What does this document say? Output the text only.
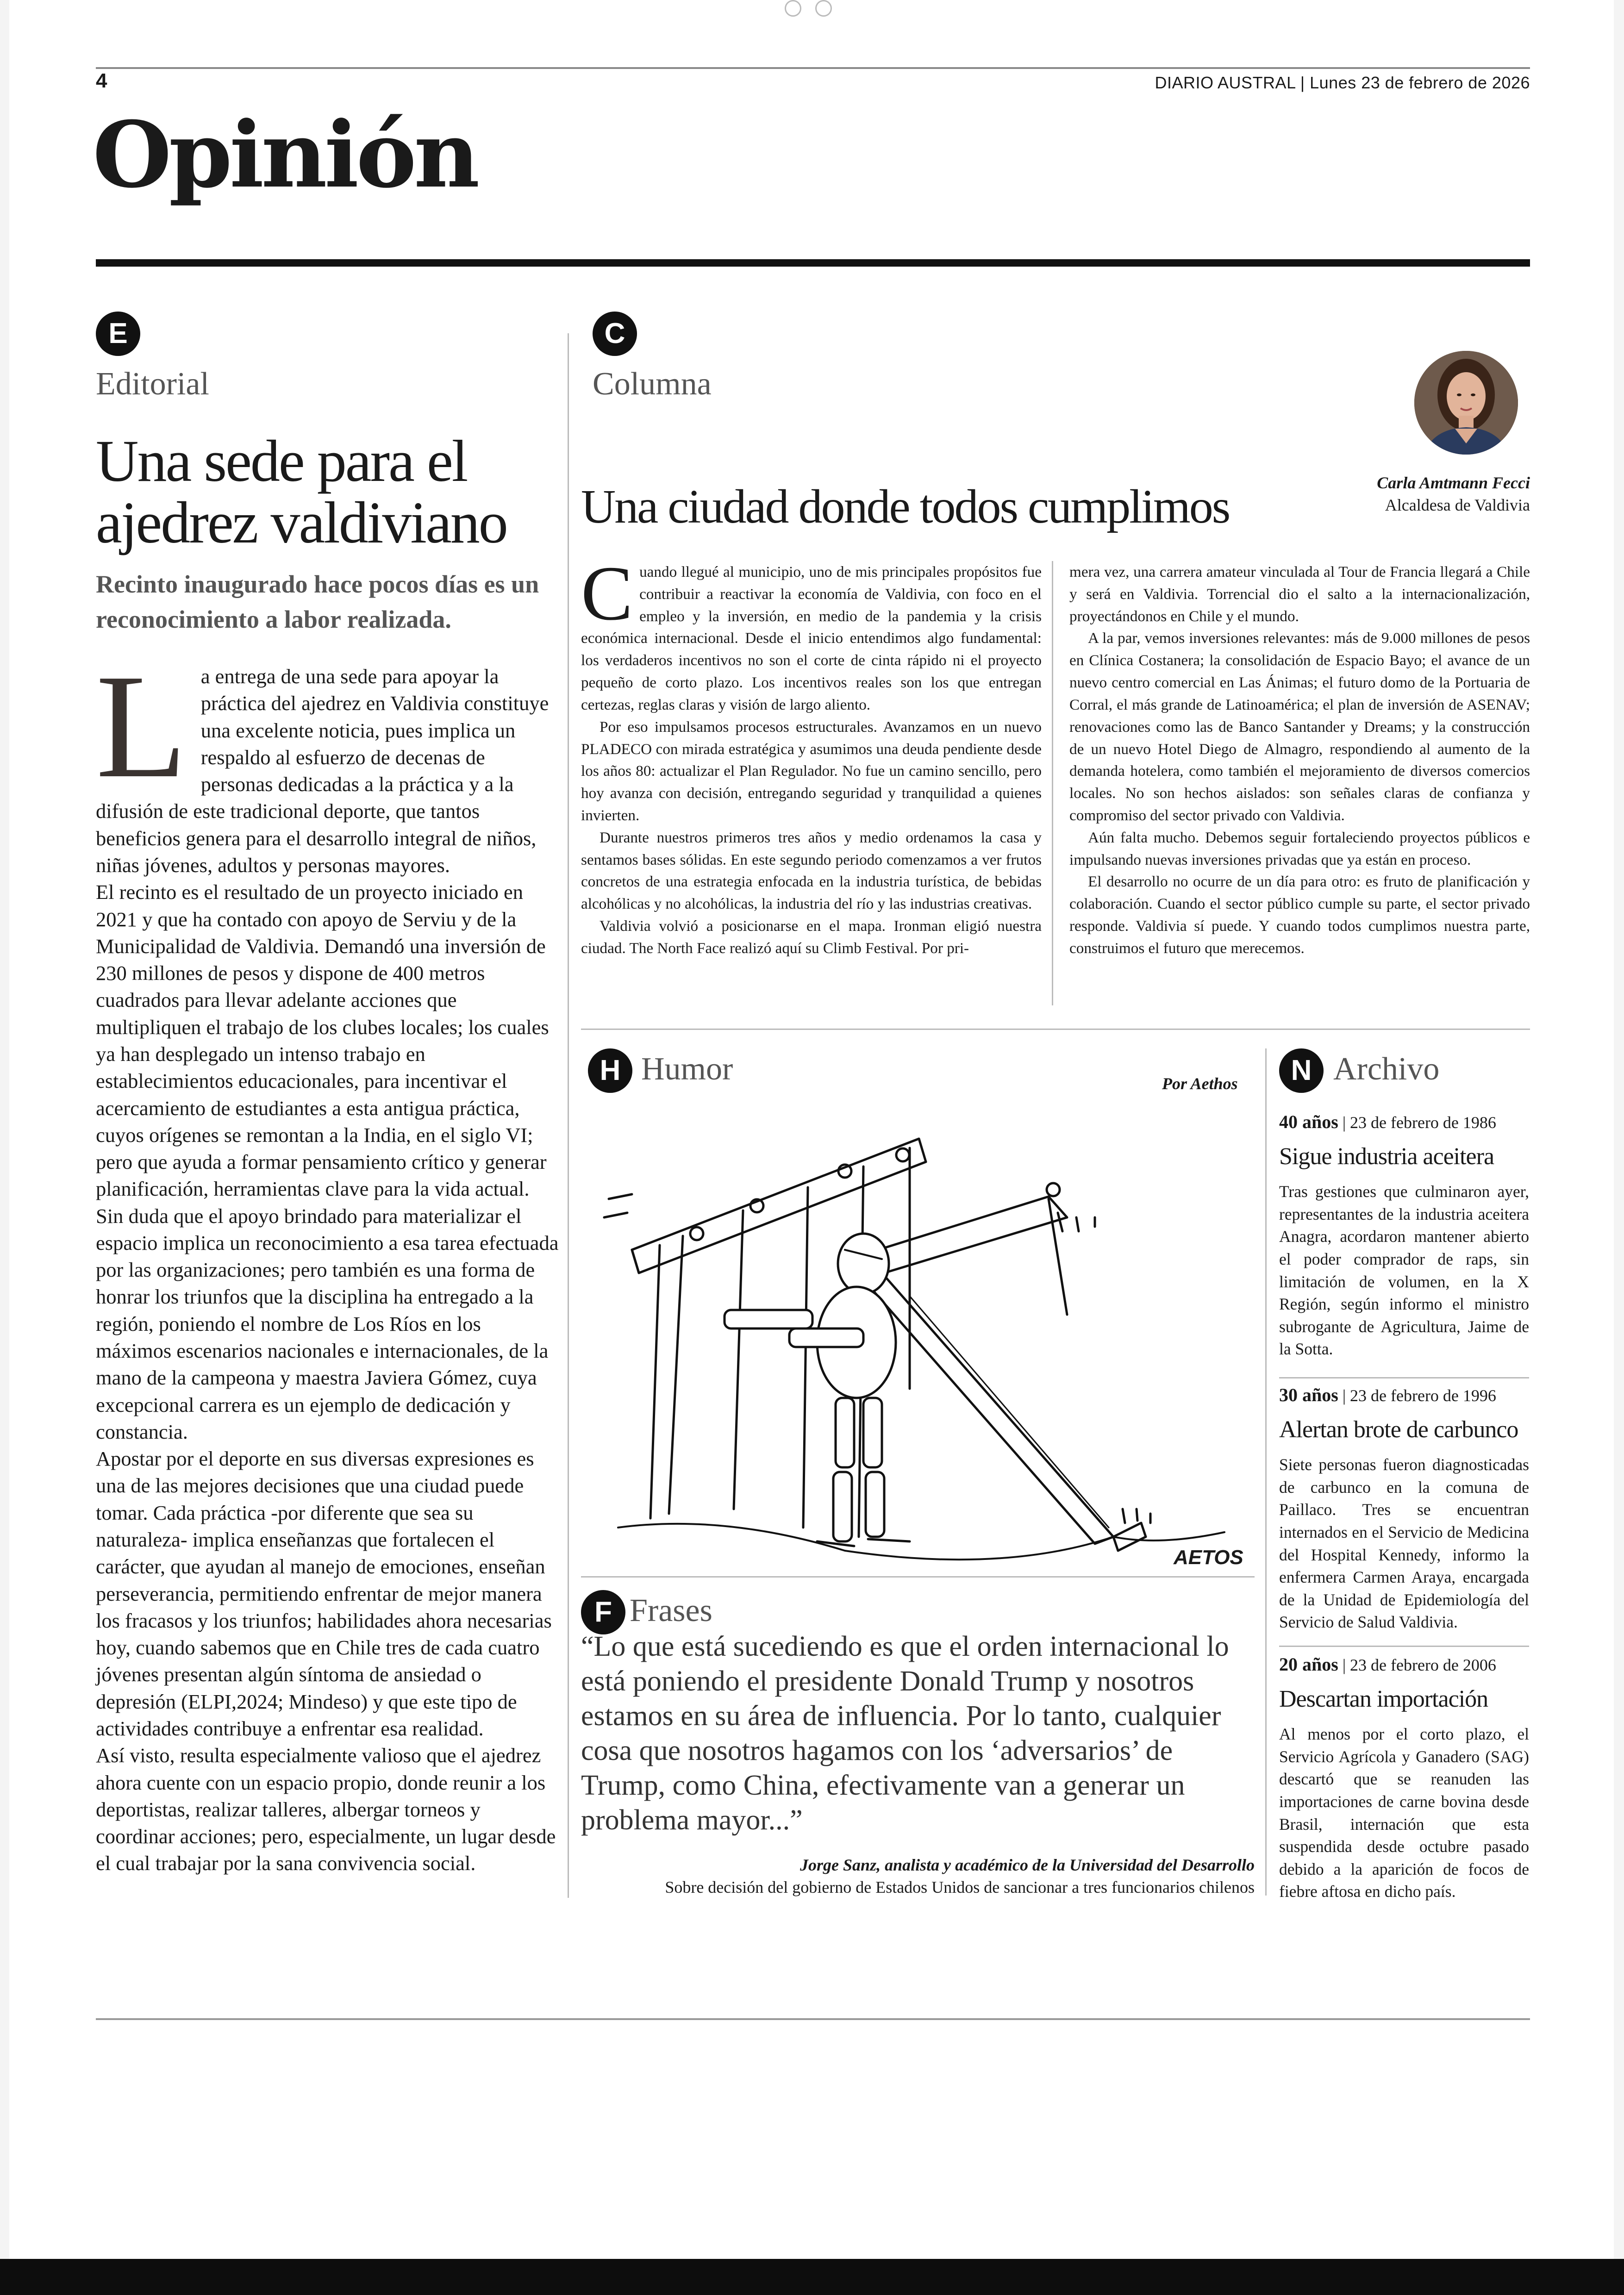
4	DIARIO AUSTRAL | Lunes 23 de febrero de 2026
Opinión
E
Editorial
Una sede para el ajedrez valdiviano
Recinto inaugurado hace pocos días es un reconocimiento a labor realizada.

La entrega de una sede para apoyar la práctica del ajedrez en Valdivia constituye una excelente noticia, pues implica un respaldo al esfuerzo de decenas de personas dedicadas a la práctica y a la difusión de este tradicional deporte, que tantos beneficios genera para el desarrollo integral de niños, niñas jóvenes, adultos y personas mayores.

El recinto es el resultado de un proyecto iniciado en 2021 y que ha contado con apoyo de Serviu y de la Municipalidad de Valdivia. Demandó una inversión de 230 millones de pesos y dispone de 400 metros cuadrados para llevar adelante acciones que multipliquen el trabajo de los clubes locales; los cuales ya han desplegado un intenso trabajo en establecimientos educacionales, para incentivar el acercamiento de estudiantes a esta antigua práctica, cuyos orígenes se remontan a la India, en el siglo VI; pero que ayuda a formar pensamiento crítico y generar planificación, herramientas clave para la vida actual.

Sin duda que el apoyo brindado para materializar el espacio implica un reconocimiento a esa tarea efectuada por las organizaciones; pero también es una forma de honrar los triunfos que la disciplina ha entregado a la región, poniendo el nombre de Los Ríos en los máximos escenarios nacionales e internacionales, de la mano de la campeona y maestra Javiera Gómez, cuya excepcional carrera es un ejemplo de dedicación y constancia.

Apostar por el deporte en sus diversas expresiones es una de las mejores decisiones que una ciudad puede tomar. Cada práctica -por diferente que sea su naturaleza- implica enseñanzas que fortalecen el carácter, que ayudan al manejo de emociones, enseñan perseverancia, permitiendo enfrentar de mejor manera los fracasos y los triunfos; habilidades ahora necesarias hoy, cuando sabemos que en Chile tres de cada cuatro jóvenes presentan algún síntoma de ansiedad o depresión (ELPI,2024; Mindeso) y que este tipo de actividades contribuye a enfrentar esa realidad.

Así visto, resulta especialmente valioso que el ajedrez ahora cuente con un espacio propio, donde reunir a los deportistas, realizar talleres, albergar torneos y coordinar acciones; pero, especialmente, un lugar desde el cual trabajar por la sana convivencia social.

C
Columna
Carla Amtmann Fecci
Alcaldesa de Valdivia
Una ciudad donde todos cumplimos

Cuando llegué al municipio, uno de mis principales propósitos fue contribuir a reactivar la economía de Valdivia, con foco en el empleo y la inversión, en medio de la pandemia y la crisis económica internacional. Desde el inicio entendimos algo fundamental: los verdaderos incentivos no son el corte de cinta rápido ni el proyecto pequeño de corto plazo. Los incentivos reales son los que entregan certezas, reglas claras y visión de largo aliento.

Por eso impulsamos procesos estructurales. Avanzamos en un nuevo PLADECO con mirada estratégica y asumimos una deuda pendiente desde los años 80: actualizar el Plan Regulador. No fue un camino sencillo, pero hoy avanza con decisión, entregando seguridad y tranquilidad a quienes invierten.

Durante nuestros primeros tres años y medio ordenamos la casa y sentamos bases sólidas. En este segundo periodo comenzamos a ver frutos concretos de una estrategia enfocada en la industria turística, de bebidas alcohólicas y no alcohólicas, la industria del río y las industrias creativas.

Valdivia volvió a posicionarse en el mapa. Ironman eligió nuestra ciudad. The North Face realizó aquí su Climb Festival. Por pri-

mera vez, una carrera amateur vinculada al Tour de Francia llegará a Chile y será en Valdivia. Torrencial dio el salto a la internacionalización, proyectándonos en Chile y el mundo.

A la par, vemos inversiones relevantes: más de 9.000 millones de pesos en Clínica Costanera; la consolidación de Espacio Bayo; el avance de un nuevo centro comercial en Las Ánimas; el futuro domo de la Portuaria de Corral, el más grande de Latinoamérica; el plan de inversión de ASENAV; renovaciones como las de Banco Santander y Dreams; y la construcción de un nuevo Hotel Diego de Almagro, respondiendo al aumento de la demanda hotelera, como también el mejoramiento de diversos comercios locales. No son hechos aislados: son señales claras de confianza y compromiso del sector privado con Valdivia.

Aún falta mucho. Debemos seguir fortaleciendo proyectos públicos e impulsando nuevas inversiones privadas que ya están en proceso.

El desarrollo no ocurre de un día para otro: es fruto de planificación y colaboración. Cuando el sector público cumple su parte, el sector privado responde. Valdivia sí puede. Y cuando todos cumplimos nuestra parte, construimos el futuro que merecemos.

H Humor	Por Aethos
AETOS
F Frases
“Lo que está sucediendo es que el orden internacional lo está poniendo el presidente Donald Trump y nosotros estamos en su área de influencia. Por lo tanto, cualquier cosa que nosotros hagamos con los ‘adversarios’ de Trump, como China, efectivamente van a generar un problema mayor...”
Jorge Sanz, analista y académico de la Universidad del Desarrollo
Sobre decisión del gobierno de Estados Unidos de sancionar a tres funcionarios chilenos
N Archivo
40 años | 23 de febrero de 1986
Sigue industria aceitera
Tras gestiones que culminaron ayer, representantes de la industria aceitera Anagra, acordaron mantener abierto el poder comprador de raps, sin limitación de volumen, en la X Región, según informo el ministro subrogante de Agricultura, Jaime de la Sotta.
30 años | 23 de febrero de 1996
Alertan brote de carbunco
Siete personas fueron diagnosticadas de carbunco en la comuna de Paillaco. Tres se encuentran internados en el Servicio de Medicina del Hospital Kennedy, informo la enfermera Carmen Araya, encargada de la Unidad de Epidemiología del Servicio de Salud Valdivia.
20 años | 23 de febrero de 2006
Descartan importación
Al menos por el corto plazo, el Servicio Agrícola y Ganadero (SAG) descartó que se reanuden las importaciones de carne bovina desde Brasil, internación que esta suspendida desde octubre pasado debido a la aparición de focos de fiebre aftosa en dicho país.
